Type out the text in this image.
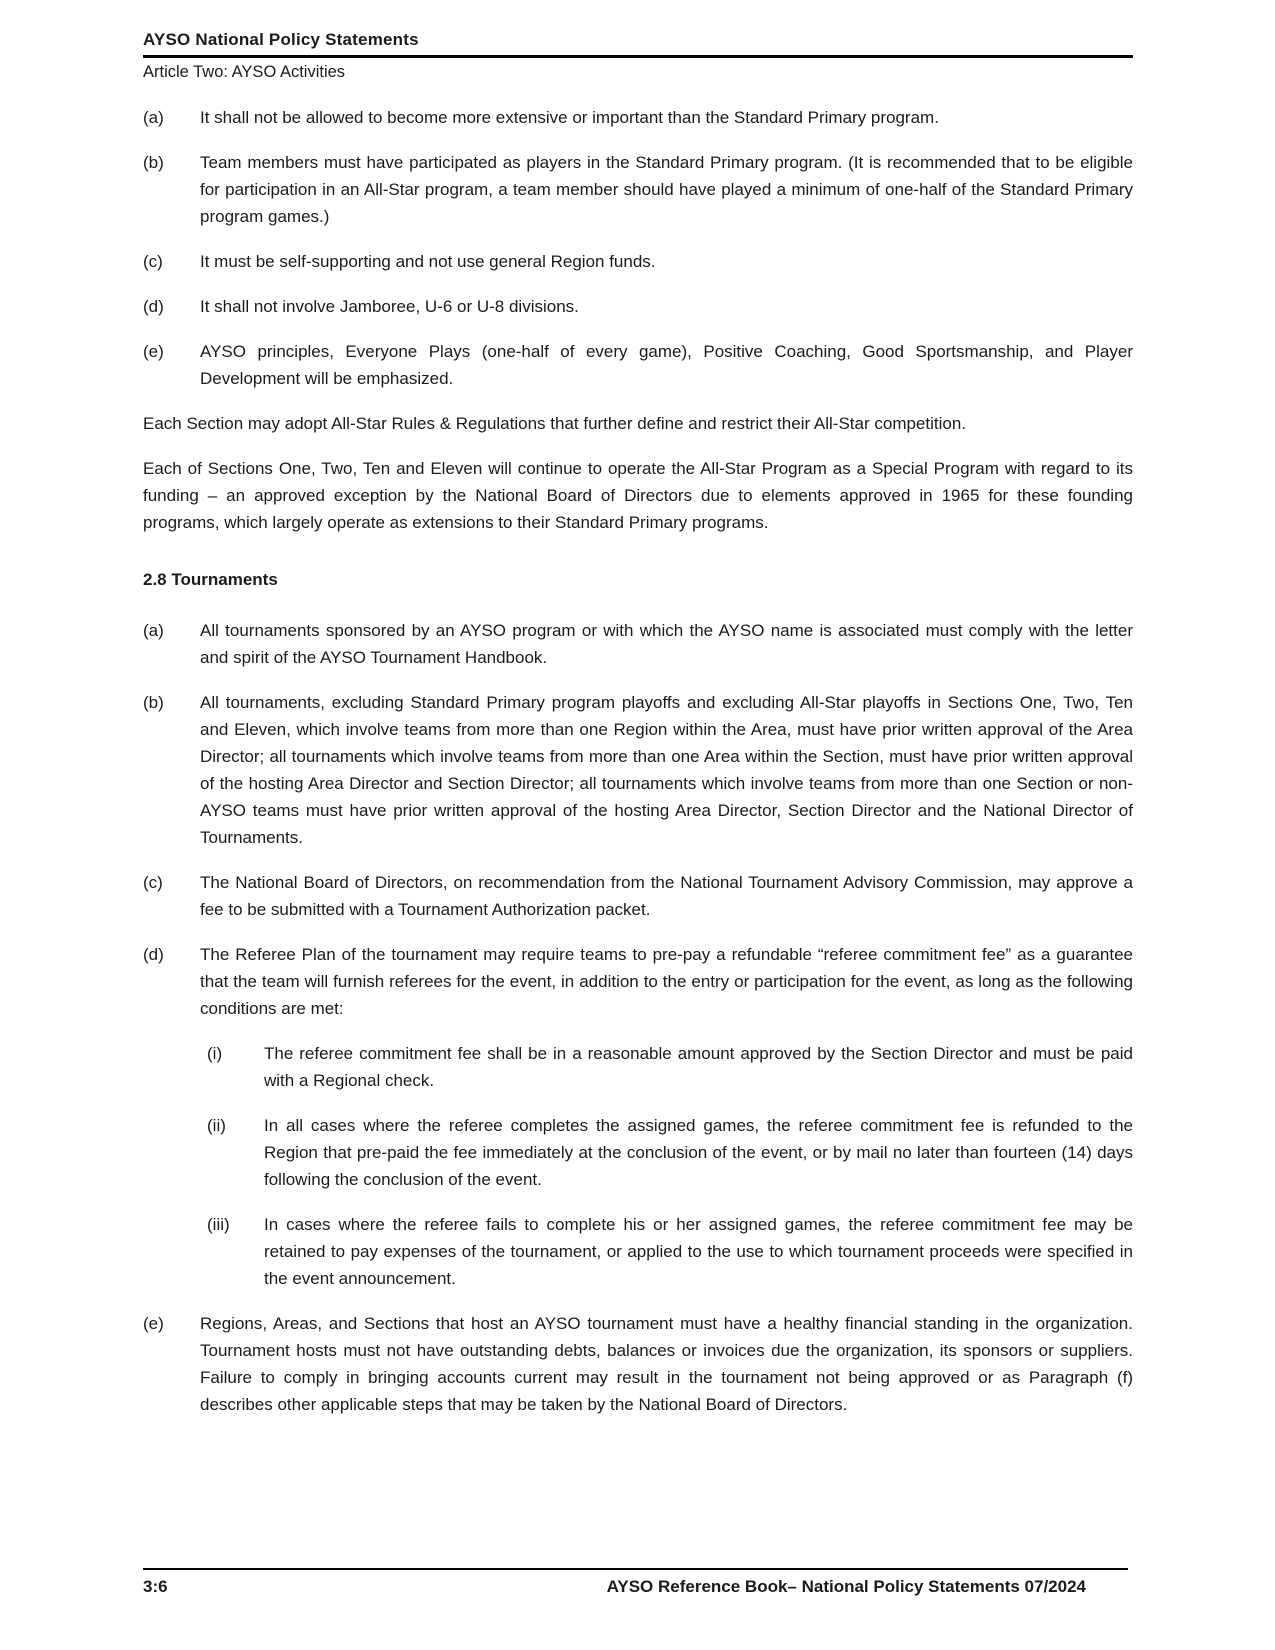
AYSO National Policy Statements
Article Two: AYSO Activities
(a)	It shall not be allowed to become more extensive or important than the Standard Primary program.
(b)	Team members must have participated as players in the Standard Primary program. (It is recommended that to be eligible for participation in an All-Star program, a team member should have played a minimum of one-half of the Standard Primary program games.)
(c)	It must be self-supporting and not use general Region funds.
(d)	It shall not involve Jamboree, U-6 or U-8 divisions.
(e)	AYSO principles, Everyone Plays (one-half of every game), Positive Coaching, Good Sportsmanship, and Player Development will be emphasized.

Each Section may adopt All-Star Rules & Regulations that further define and restrict their All-Star competition.

Each of Sections One, Two, Ten and Eleven will continue to operate the All-Star Program as a Special Program with regard to its funding – an approved exception by the National Board of Directors due to elements approved in 1965 for these founding programs, which largely operate as extensions to their Standard Primary programs.

2.8 Tournaments
(a)	All tournaments sponsored by an AYSO program or with which the AYSO name is associated must comply with the letter and spirit of the AYSO Tournament Handbook.
(b)	All tournaments, excluding Standard Primary program playoffs and excluding All-Star playoffs in Sections One, Two, Ten and Eleven, which involve teams from more than one Region within the Area, must have prior written approval of the Area Director; all tournaments which involve teams from more than one Area within the Section, must have prior written approval of the hosting Area Director and Section Director; all tournaments which involve teams from more than one Section or non-AYSO teams must have prior written approval of the hosting Area Director, Section Director and the National Director of Tournaments.
(c)	The National Board of Directors, on recommendation from the National Tournament Advisory Commission, may approve a fee to be submitted with a Tournament Authorization packet.
(d)	The Referee Plan of the tournament may require teams to pre-pay a refundable “referee commitment fee” as a guarantee that the team will furnish referees for the event, in addition to the entry or participation for the event, as long as the following conditions are met:
(i)	The referee commitment fee shall be in a reasonable amount approved by the Section Director and must be paid with a Regional check.
(ii)	In all cases where the referee completes the assigned games, the referee commitment fee is refunded to the Region that pre-paid the fee immediately at the conclusion of the event, or by mail no later than fourteen (14) days following the conclusion of the event.
(iii)	In cases where the referee fails to complete his or her assigned games, the referee commitment fee may be retained to pay expenses of the tournament, or applied to the use to which tournament proceeds were specified in the event announcement.
(e)	Regions, Areas, and Sections that host an AYSO tournament must have a healthy financial standing in the organization. Tournament hosts must not have outstanding debts, balances or invoices due the organization, its sponsors or suppliers. Failure to comply in bringing accounts current may result in the tournament not being approved or as Paragraph (f) describes other applicable steps that may be taken by the National Board of Directors.
3:6	AYSO Reference Book– National Policy Statements 07/2024
